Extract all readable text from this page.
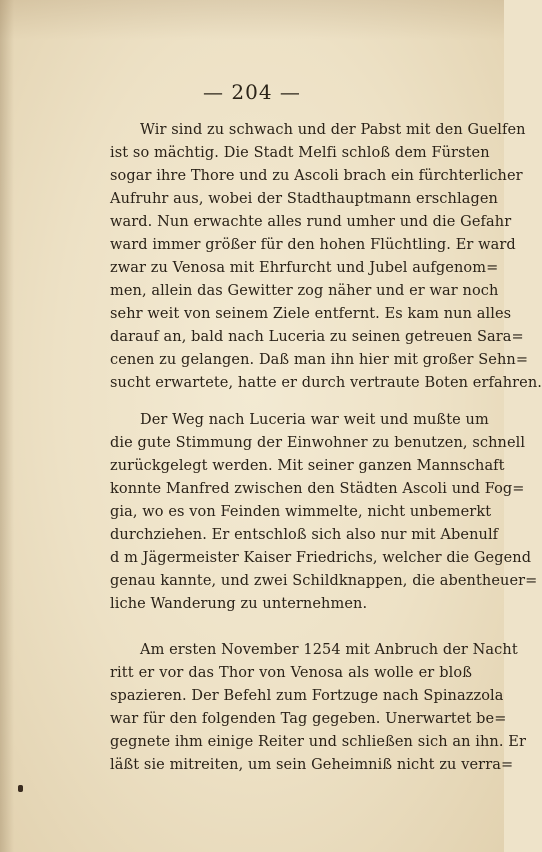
— 204 —
Wir sind zu schwach und der Pabst mit den Guelfen
ist so mächtig. Die Stadt Melfi schloß dem Fürsten
sogar ihre Thore und zu Ascoli brach ein fürchterlicher
Aufruhr aus, wobei der Stadthauptmann erschlagen
ward. Nun erwachte alles rund umher und die Gefahr
ward immer größer für den hohen Flüchtling. Er ward
zwar zu Venosa mit Ehrfurcht und Jubel aufgenom=
men, allein das Gewitter zog näher und er war noch
sehr weit von seinem Ziele entfernt. Es kam nun alles
darauf an, bald nach Luceria zu seinen getreuen Sara=
cenen zu gelangen. Daß man ihn hier mit großer Sehn=
sucht erwartete, hatte er durch vertraute Boten erfahren.
Der Weg nach Luceria war weit und mußte um
die gute Stimmung der Einwohner zu benutzen, schnell
zurückgelegt werden. Mit seiner ganzen Mannschaft
konnte Manfred zwischen den Städten Ascoli und Fog=
gia, wo es von Feinden wimmelte, nicht unbemerkt
durchziehen. Er entschloß sich also nur mit Abenulf
d m Jägermeister Kaiser Friedrichs, welcher die Gegend
genau kannte, und zwei Schildknappen, die abentheuer=
liche Wanderung zu unternehmen.
Am ersten November 1254 mit Anbruch der Nacht
ritt er vor das Thor von Venosa als wolle er bloß
spazieren. Der Befehl zum Fortzuge nach Spinazzola
war für den folgenden Tag gegeben. Unerwartet be=
gegnete ihm einige Reiter und schließen sich an ihn. Er
läßt sie mitreiten, um sein Geheimniß nicht zu verra=
